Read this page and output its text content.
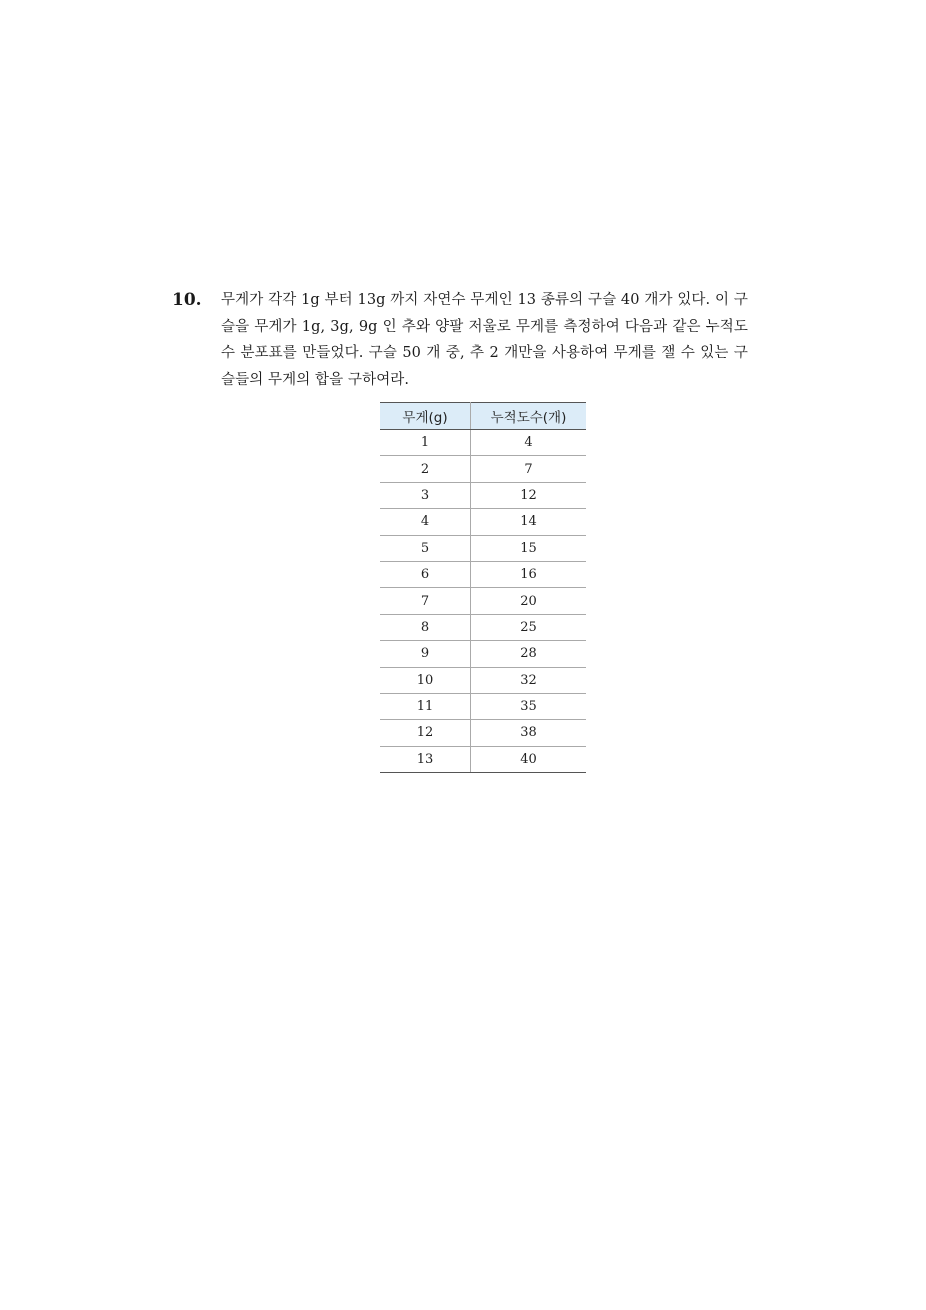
10. 무게가 각각 1g 부터 13g 까지 자연수 무게인 13 종류의 구슬 40 개가 있다. 이 구슬을 무게가 1g, 3g, 9g 인 추와 양팔 저울로 무게를 측정하여 다음과 같은 누적도수 분포표를 만들었다. 구슬 50 개 중, 추 2 개만을 사용하여 무게를 잴 수 있는 구슬들의 무게의 합을 구하여라.
무게(g)	누적도수(개)
1	4
2	7
3	12
4	14
5	15
6	16
7	20
8	25
9	28
10	32
11	35
12	38
13	40
